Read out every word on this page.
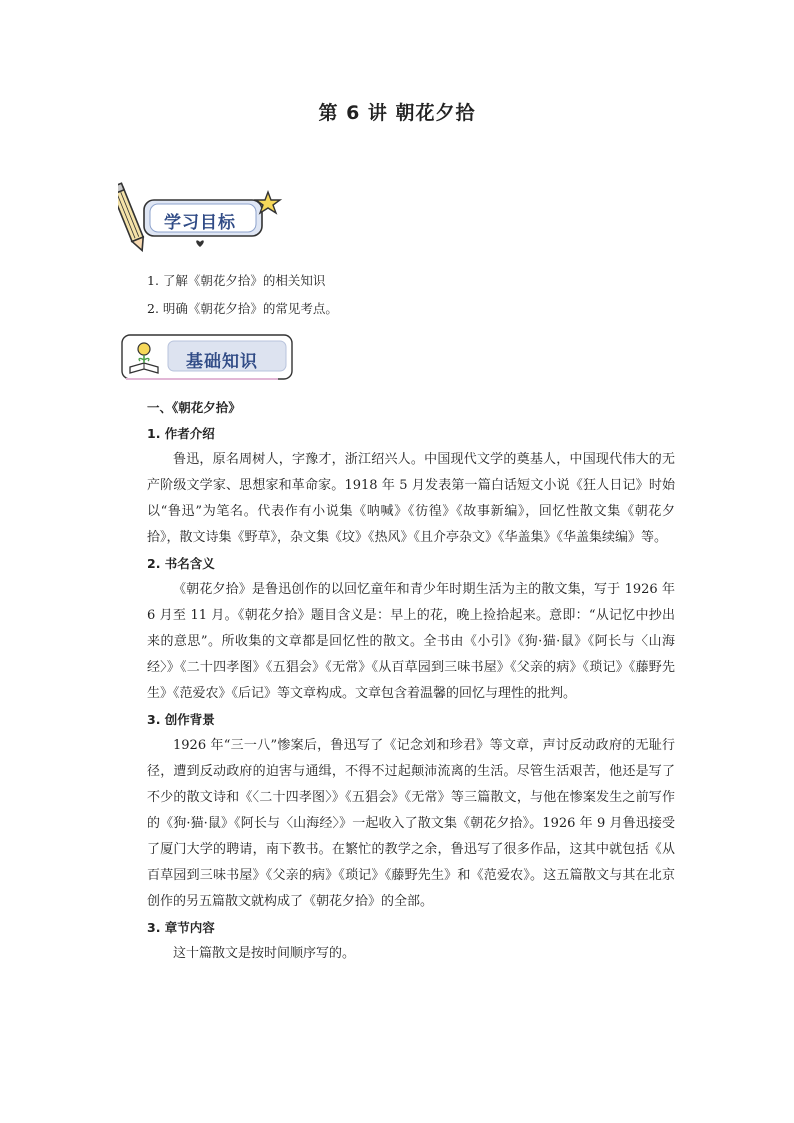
第 6 讲 朝花夕拾
学习目标
1. 了解《朝花夕拾》的相关知识
2. 明确《朝花夕拾》的常见考点。
基础知识

一、《朝花夕拾》

1. 作者介绍

鲁迅，原名周树人，字豫才，浙江绍兴人。中国现代文学的奠基人，中国现代伟大的无产阶级文学家、思想家和革命家。1918 年 5 月发表第一篇白话短文小说《狂人日记》时始以“鲁迅”为笔名。代表作有小说集《呐喊》《彷徨》《故事新编》，回忆性散文集《朝花夕拾》，散文诗集《野草》，杂文集《坟》《热风》《且介亭杂文》《华盖集》《华盖集续编》等。

2. 书名含义

《朝花夕拾》是鲁迅创作的以回忆童年和青少年时期生活为主的散文集，写于 1926 年 6 月至 11 月。《朝花夕拾》题目含义是：早上的花，晚上捡拾起来。意即：“从记忆中抄出来的意思”。所收集的文章都是回忆性的散文。全书由《小引》《狗·猫·鼠》《阿长与〈山海经〉》《二十四孝图》《五猖会》《无常》《从百草园到三味书屋》《父亲的病》《琐记》《藤野先生》《范爱农》《后记》等文章构成。文章包含着温馨的回忆与理性的批判。

3. 创作背景

1926 年“三一八”惨案后，鲁迅写了《记念刘和珍君》等文章，声讨反动政府的无耻行径，遭到反动政府的迫害与通缉，不得不过起颠沛流离的生活。尽管生活艰苦，他还是写了不少的散文诗和《〈二十四孝图〉》《五猖会》《无常》等三篇散文，与他在惨案发生之前写作的《狗·猫·鼠》《阿长与〈山海经〉》一起收入了散文集《朝花夕拾》。1926 年 9 月鲁迅接受了厦门大学的聘请，南下教书。在繁忙的教学之余，鲁迅写了很多作品，这其中就包括《从百草园到三味书屋》《父亲的病》《琐记》《藤野先生》和《范爱农》。这五篇散文与其在北京创作的另五篇散文就构成了《朝花夕拾》的全部。

3. 章节内容

这十篇散文是按时间顺序写的。
